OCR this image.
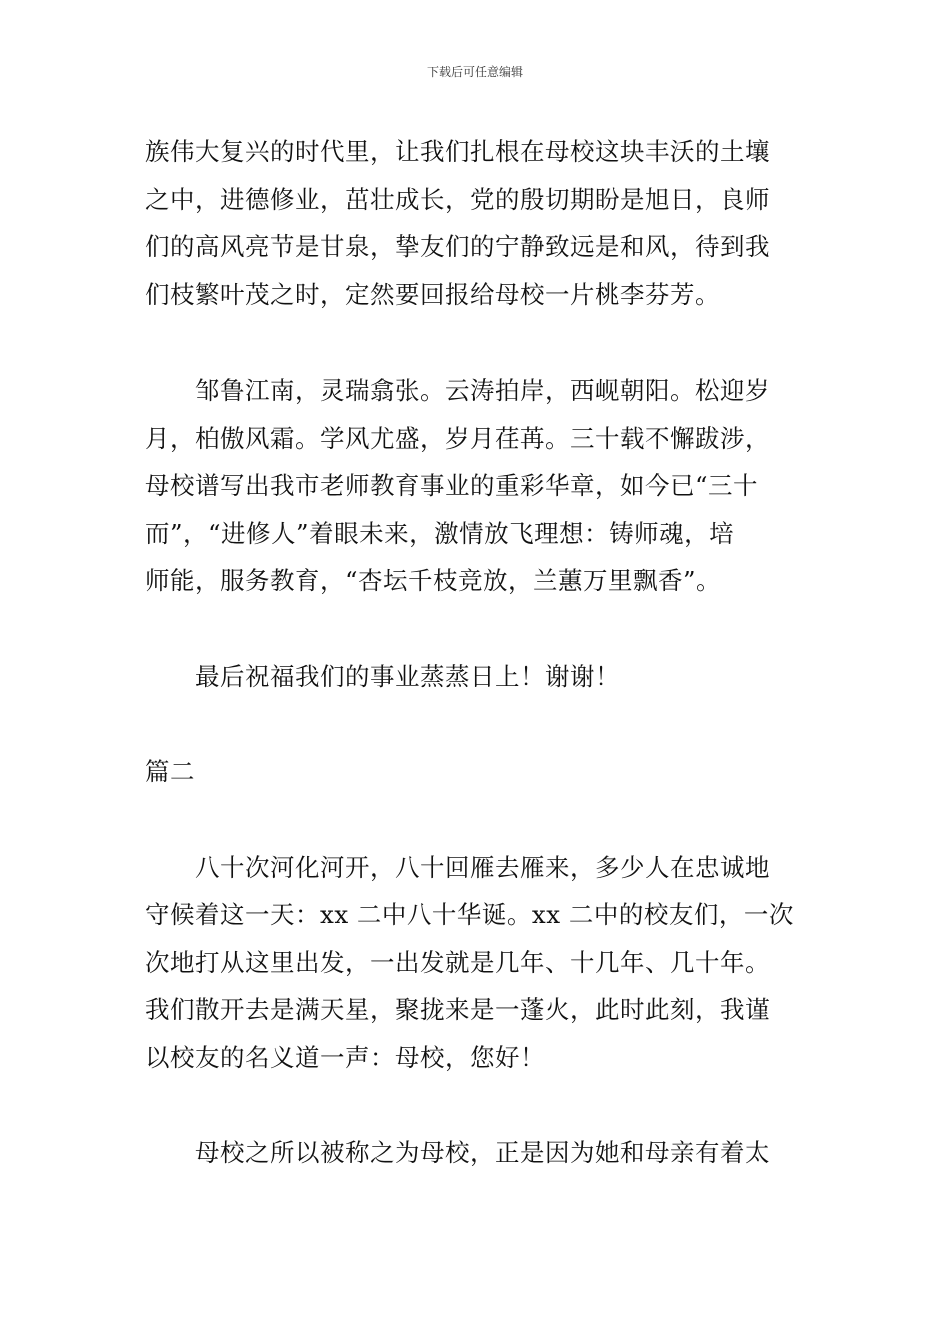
下载后可任意编辑
族伟大复兴的时代里，让我们扎根在母校这块丰沃的土壤
之中，进德修业，茁壮成长，党的殷切期盼是旭日，良师
们的高风亮节是甘泉，挚友们的宁静致远是和风，待到我
们枝繁叶茂之时，定然要回报给母校一片桃李芬芳。
邹鲁江南，灵瑞翕张。云涛拍岸，西岘朝阳。松迎岁
月，柏傲风霜。学风尤盛，岁月荏苒。三十载不懈跋涉，
母校谱写出我市老师教育事业的重彩华章，如今已“三十
而”，“进修人”着眼未来，激情放飞理想：铸师魂，培
师能，服务教育，“杏坛千枝竞放，兰蕙万里飘香”。
最后祝福我们的事业蒸蒸日上！谢谢！
篇二
八十次河化河开，八十回雁去雁来，多少人在忠诚地
守候着这一天：xx 二中八十华诞。xx 二中的校友们，一次
次地打从这里出发，一出发就是几年、十几年、几十年。
我们散开去是满天星，聚拢来是一蓬火，此时此刻，我谨
以校友的名义道一声：母校，您好！
母校之所以被称之为母校，正是因为她和母亲有着太
